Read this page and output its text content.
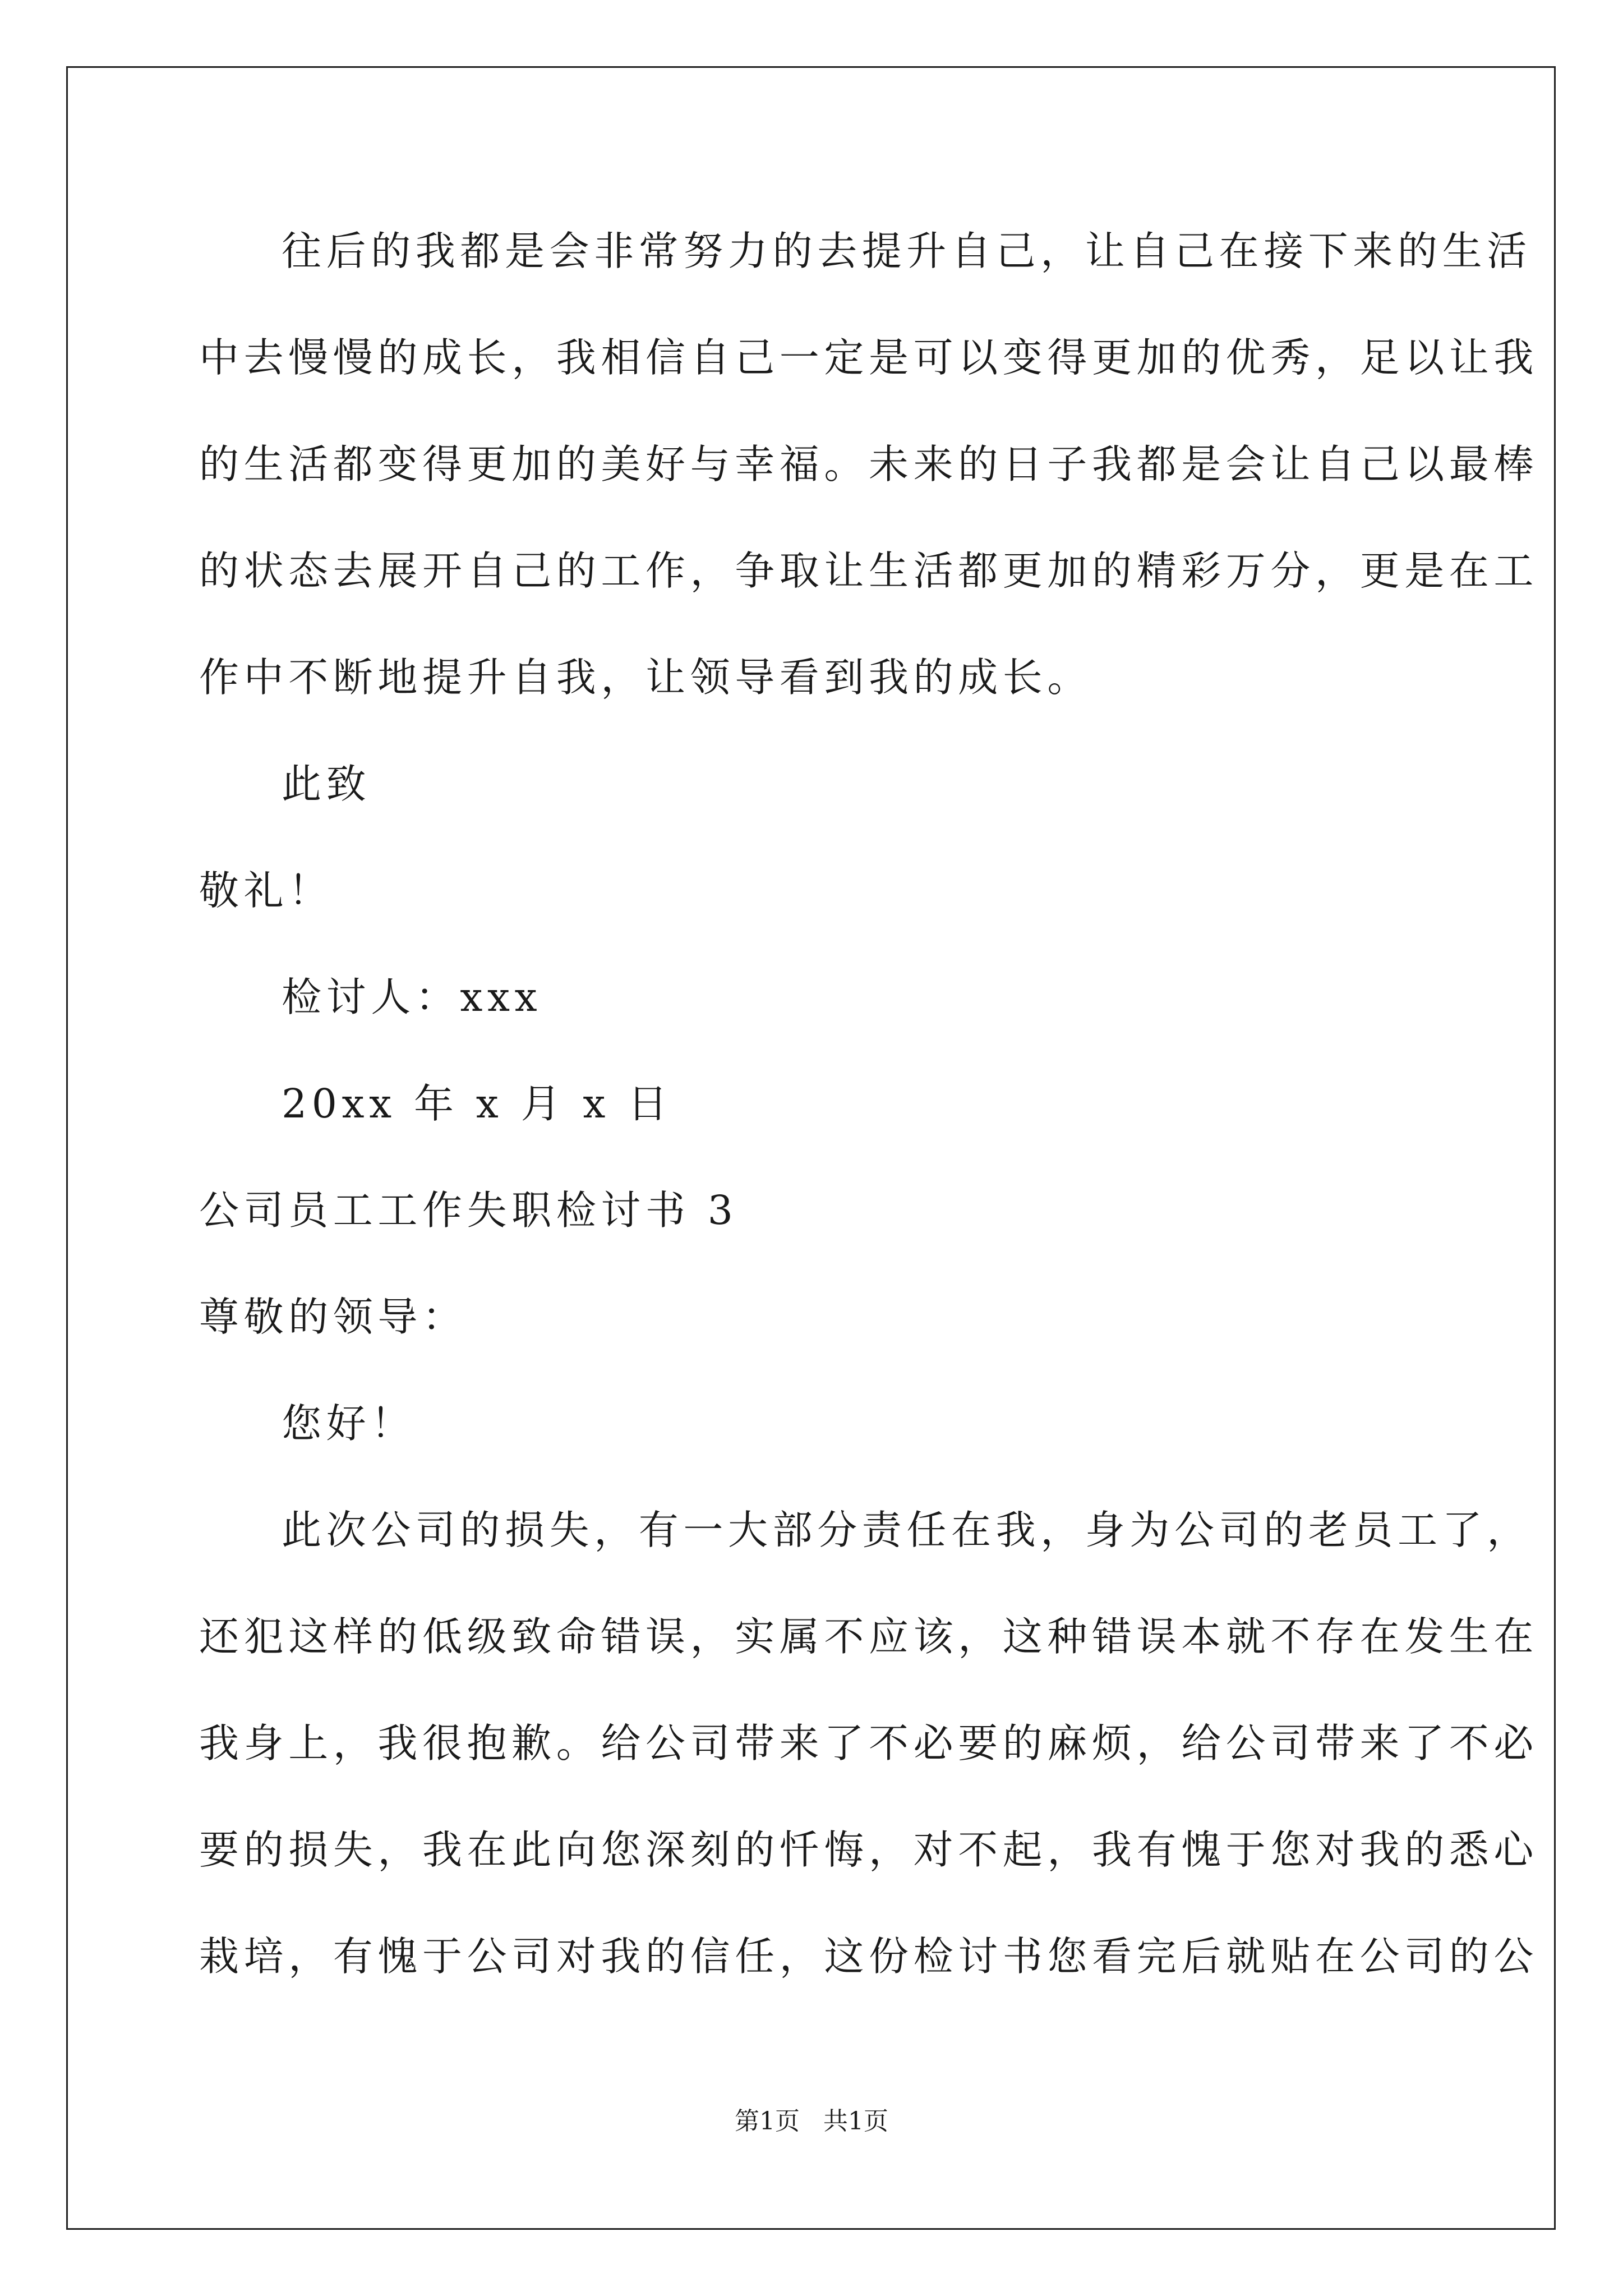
往后的我都是会非常努力的去提升自己，让自己在接下来的生活
中去慢慢的成长，我相信自己一定是可以变得更加的优秀，足以让我
的生活都变得更加的美好与幸福。未来的日子我都是会让自己以最棒
的状态去展开自己的工作，争取让生活都更加的精彩万分，更是在工
作中不断地提升自我，让领导看到我的成长。
此致
敬礼！
检讨人：xxx
20xx 年 x 月 x 日
公司员工工作失职检讨书 3
尊敬的领导：
您好！
此次公司的损失，有一大部分责任在我，身为公司的老员工了，
还犯这样的低级致命错误，实属不应该，这种错误本就不存在发生在
我身上，我很抱歉。给公司带来了不必要的麻烦，给公司带来了不必
要的损失，我在此向您深刻的忏悔，对不起，我有愧于您对我的悉心
栽培，有愧于公司对我的信任，这份检讨书您看完后就贴在公司的公
第1页   共1页
